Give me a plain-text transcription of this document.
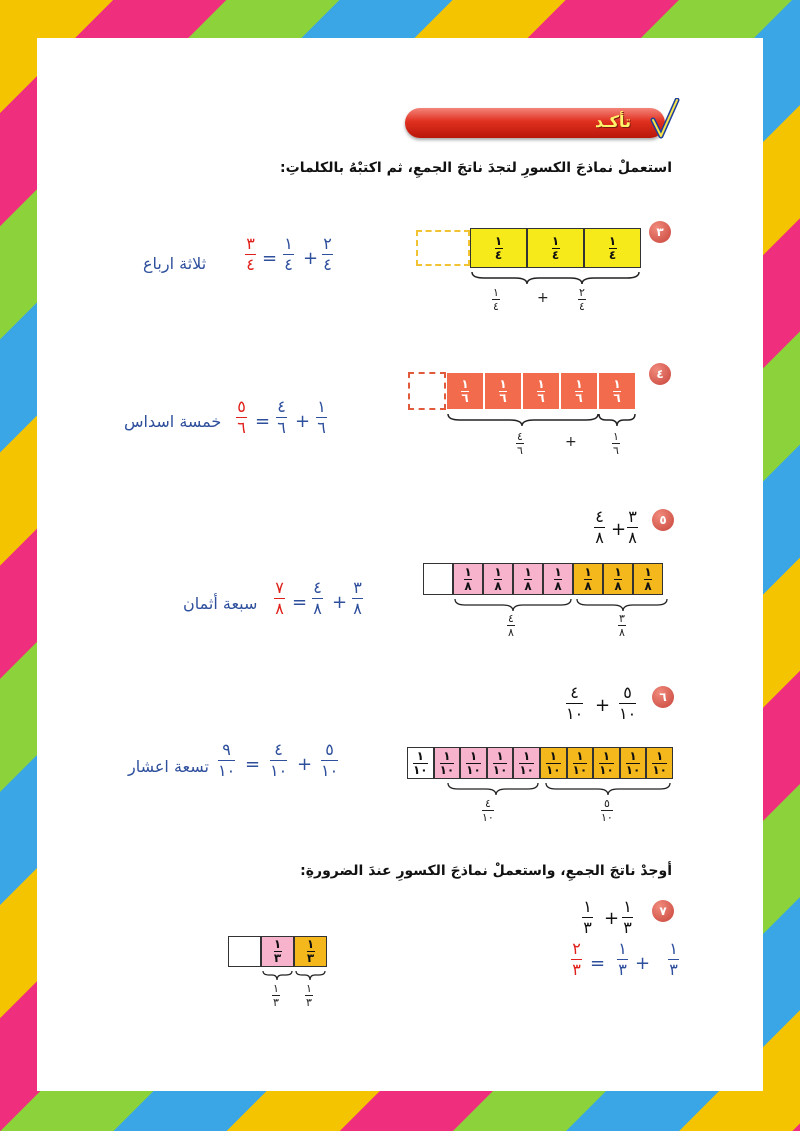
تأكـد
استعملْ نماذجَ الكسورِ لتجدَ ناتجَ الجمعِ، ثم اكتبْهُ بالكلماتِ:
٣
$\frac{١}{٤}$	$\frac{١}{٤}$	$\frac{١}{٤}$
$\frac{١}{٤}$	+	$\frac{٢}{٤}$
٢
٤
+
١
٤
=
٣
٤
ثلاثة ارباع
٤
$\frac{١}{٦}$	$\frac{١}{٦}$	$\frac{١}{٦}$	$\frac{١}{٦}$	$\frac{١}{٦}$
$\frac{٤}{٦}$	+	$\frac{١}{٦}$
١
٦
+
٤
٦
=
٥
٦
خمسة اسداس
٥
٣
٨
+
٤
٨
$\frac{١}{٨} \frac{١}{٨} \frac{١}{٨} \frac{١}{٨} \frac{١}{٨} \frac{١}{٨} \frac{١}{٨}$
$\frac{٤}{٨}$	$\frac{٣}{٨}$
٣
٨
+
٤
٨
=
٧
٨
سبعة أثمان
٦
٥
١٠
+
٤
١٠
$\frac{١}{١٠} \frac{١}{١٠} \frac{١}{١٠} \frac{١}{١٠} \frac{١}{١٠} \frac{١}{١٠} \frac{١}{١٠} \frac{١}{١٠} \frac{١}{١٠} \frac{١}{١٠}$
$\frac{٤}{١٠}$	$\frac{٥}{١٠}$
٥
١٠
+
٤
١٠
=
٩
١٠
تسعة اعشار
أوجدْ ناتجَ الجمعِ، واستعملْ نماذجَ الكسورِ عندَ الضرورةِ:
٧
١
٣
+
١
٣
١
٣
+
١
٣
=
٢
٣
$\frac{١}{٣} \frac{١}{٣}$
$\frac{١}{٣} \frac{١}{٣}$
